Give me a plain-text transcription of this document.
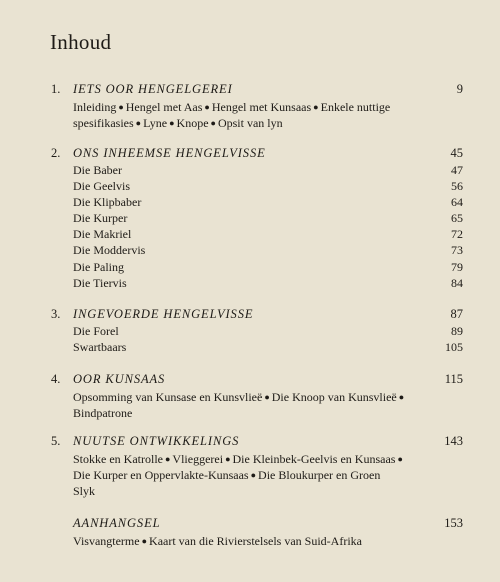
Inhoud
1. IETS OOR HENGELGEREI	9
Inleiding ● Hengel met Aas ● Hengel met Kunsaas ● Enkele nuttige
spesifikasies ● Lyne ● Knope ● Opsit van lyn
2. ONS INHEEMSE HENGELVISSE	45
Die Baber	47
Die Geelvis	56
Die Klipbaber	64
Die Kurper	65
Die Makriel	72
Die Moddervis	73
Die Paling	79
Die Tiervis	84
3. INGEVOERDE HENGELVISSE	87
Die Forel	89
Swartbaars	105
4. OOR KUNSAAS	115
Opsomming van Kunsase en Kunsvlieë ● Die Knoop van Kunsvlieë ●
Bindpatrone
5. NUUTSE ONTWIKKELINGS	143
Stokke en Katrolle ● Vlieggerei ● Die Kleinbek-Geelvis en Kunsaas ●
Die Kurper en Oppervlakte-Kunsaas ● Die Bloukurper en Groen
Slyk
AANHANGSEL	153
Visvangterme ● Kaart van die Rivierstelsels van Suid-Afrika
